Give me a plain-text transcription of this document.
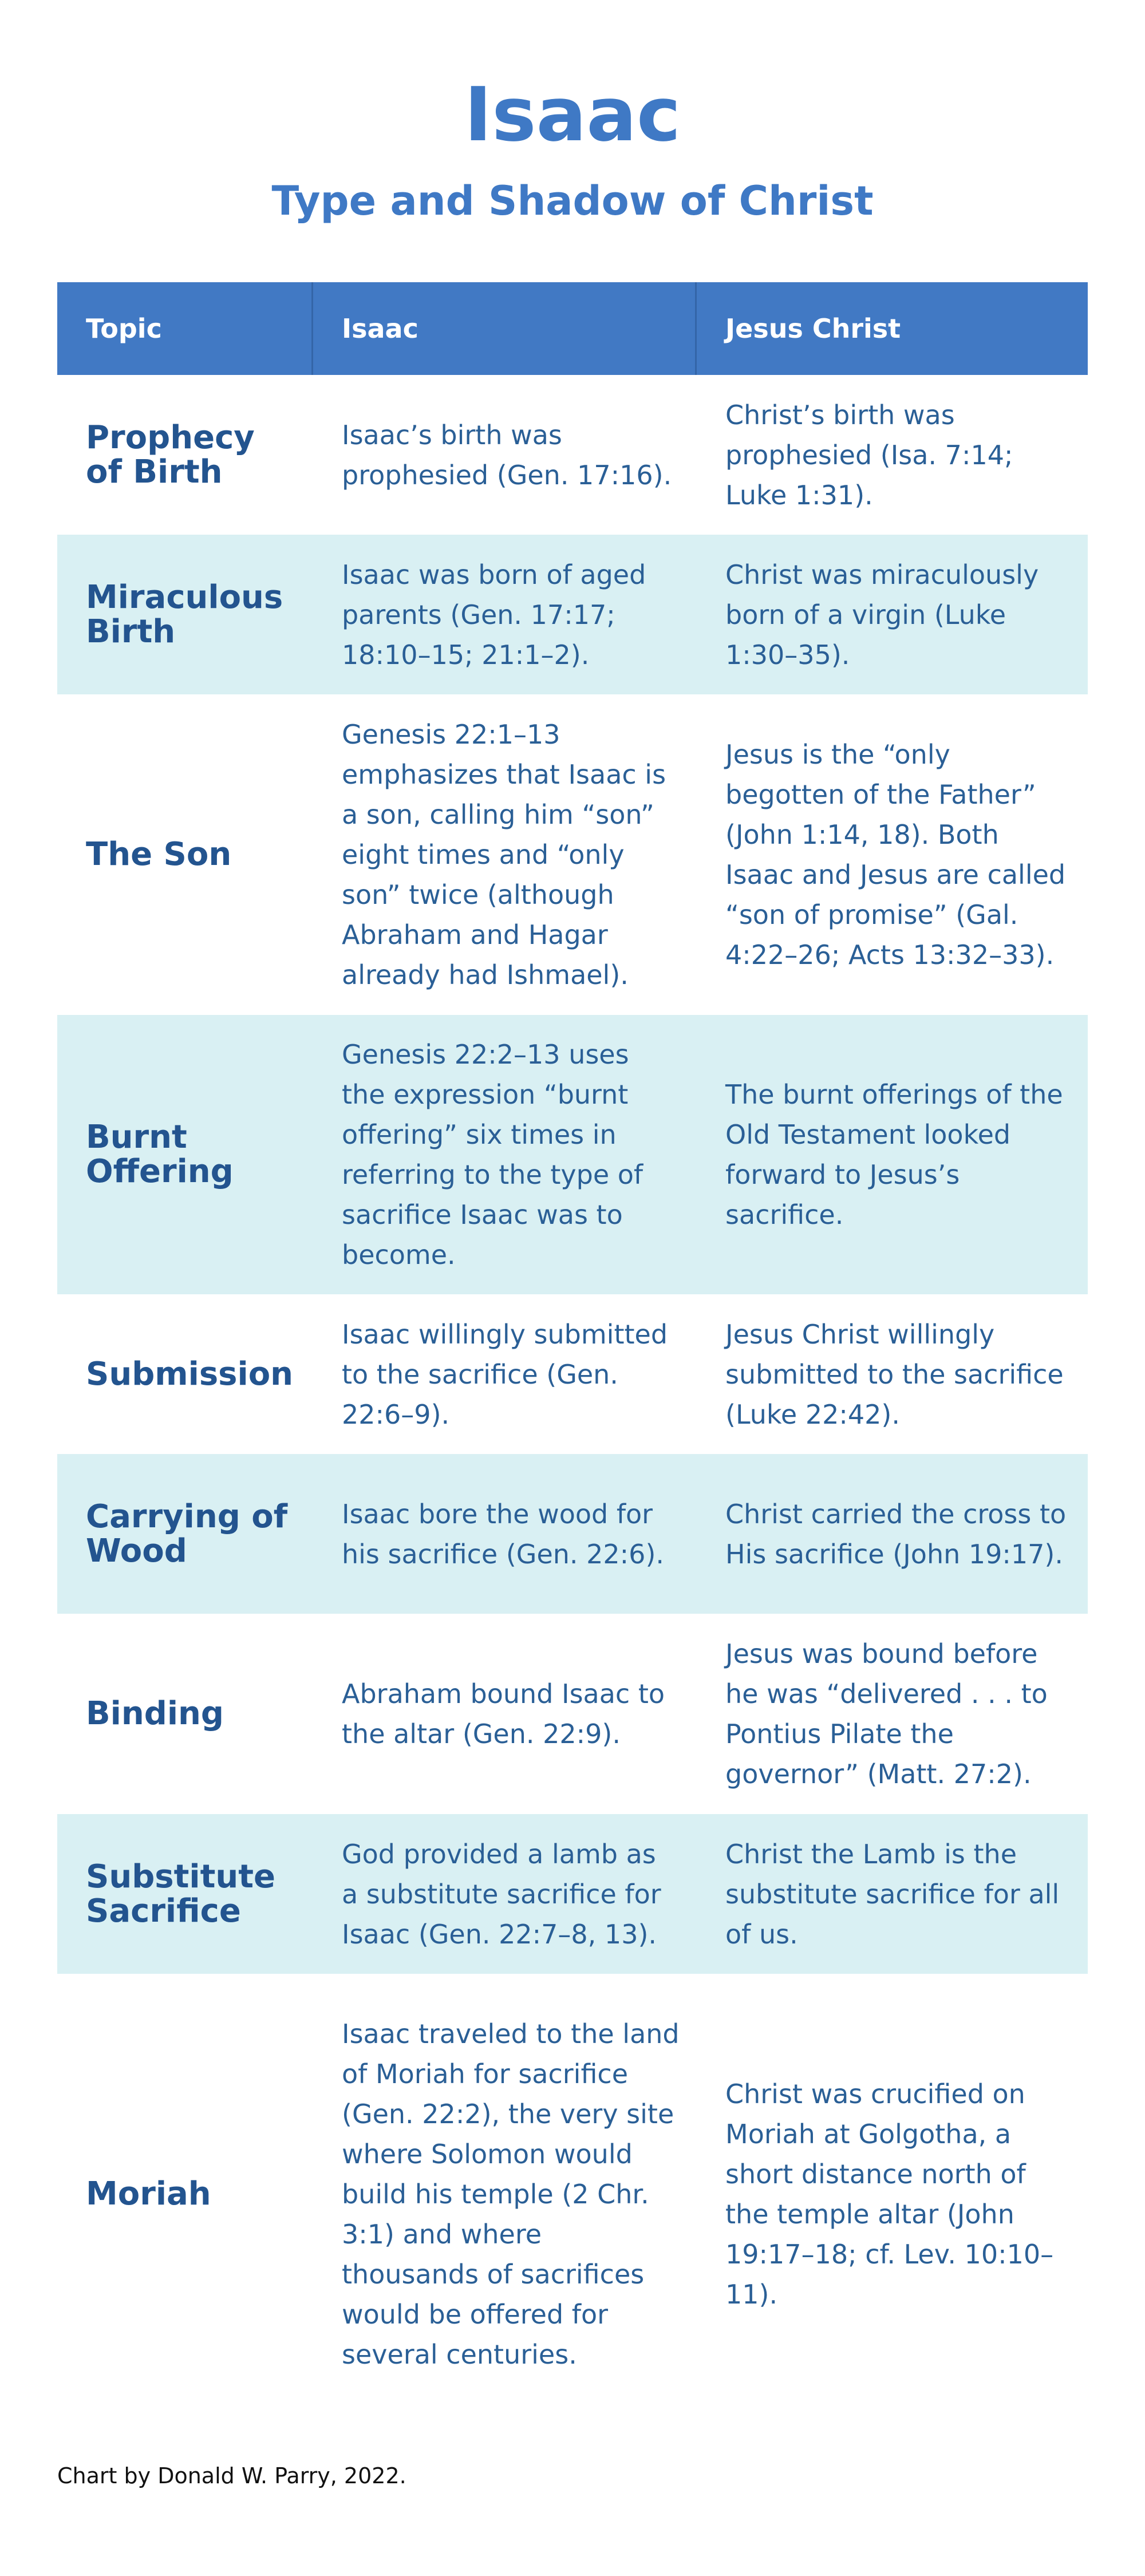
Isaac
Type and Shadow of Christ
Topic	Isaac	Jesus Christ
Prophecy of Birth
Isaac’s birth was prophesied (Gen. 17:16).
Christ’s birth was prophesied (Isa. 7:14; Luke 1:31).
Miraculous Birth
Isaac was born of aged parents (Gen. 17:17; 18:10–15; 21:1–2).
Christ was miraculously born of a virgin (Luke 1:30–35).
The Son
Genesis 22:1–13 emphasizes that Isaac is a son, calling him “son” eight times and “only son” twice (although Abraham and Hagar already had Ishmael).
Jesus is the “only begotten of the Father” (John 1:14, 18). Both Isaac and Jesus are called “son of promise” (Gal. 4:22–26; Acts 13:32–33).
Burnt Offering
Genesis 22:2–13 uses the expression “burnt offering” six times in referring to the type of sacrifice Isaac was to become.
The burnt offerings of the Old Testament looked forward to Jesus’s sacrifice.
Submission
Isaac willingly submitted to the sacrifice (Gen. 22:6–9).
Jesus Christ willingly submitted to the sacrifice (Luke 22:42).
Carrying of Wood
Isaac bore the wood for his sacrifice (Gen. 22:6).
Christ carried the cross to His sacrifice (John 19:17).
Binding
Abraham bound Isaac to the altar (Gen. 22:9).
Jesus was bound before he was “delivered . . . to Pontius Pilate the governor” (Matt. 27:2).
Substitute Sacrifice
God provided a lamb as a substitute sacrifice for Isaac (Gen. 22:7–8, 13).
Christ the Lamb is the substitute sacrifice for all of us.
Moriah
Isaac traveled to the land of Moriah for sacrifice (Gen. 22:2), the very site where Solomon would build his temple (2 Chr. 3:1) and where thousands of sacrifices would be offered for several centuries.
Christ was crucified on Moriah at Golgotha, a short distance north of the temple altar (John 19:17–18; cf. Lev. 10:10–11).
Chart by Donald W. Parry, 2022.
